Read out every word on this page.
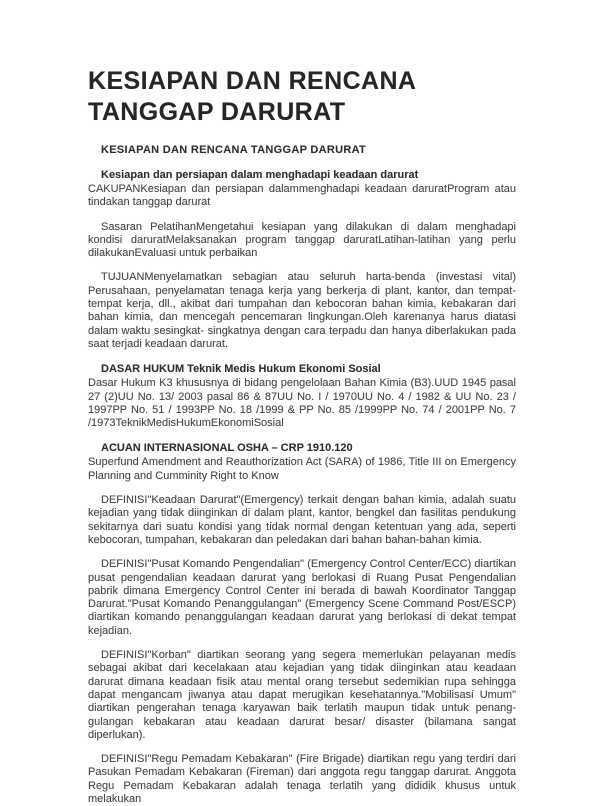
KESIAPAN DAN RENCANA TANGGAP DARURAT
KESIAPAN DAN RENCANA TANGGAP DARURAT
Kesiapan dan persiapan dalam menghadapi keadaan darurat

CAKUPANKesiapan dan persiapan dalammenghadapi keadaan daruratProgram atau tindakan tanggap darurat

Sasaran PelatihanMengetahui kesiapan yang dilakukan di dalam menghadapi kondisi daruratMelaksanakan program tanggap daruratLatihan-latihan yang perlu dilakukanEvaluasi untuk perbaikan

TUJUANMenyelamatkan sebagian atau seluruh harta-benda (investasi vital) Perusahaan, penyelamatan tenaga kerja yang berkerja di plant, kantor, dan tempat-tempat kerja, dll., akibat dari tumpahan dan kebocoran bahan kimia, kebakaran dari bahan kimia, dan mencegah pencemaran lingkungan.Oleh karenanya harus diatasi dalam waktu sesingkat- singkatnya dengan cara terpadu dan hanya diberlakukan pada saat terjadi keadaan darurat.

DASAR HUKUM Teknik Medis Hukum Ekonomi Sosial

Dasar Hukum K3 khususnya di bidang pengelolaan Bahan Kimia (B3).UUD 1945 pasal 27 (2)UU No. 13/ 2003 pasal 86 & 87UU No. I / 1970UU No. 4 / 1982 & UU No. 23 / 1997PP No. 51 / 1993PP No. 18 /1999 & PP No. 85 /1999PP No. 74 / 2001PP No. 7 /1973TeknikMedisHukumEkonomiSosial

ACUAN INTERNASIONAL OSHA – CRP 1910.120

Superfund Amendment and Reauthorization Act (SARA) of 1986, Title III on Emergency Planning and Cumminity Right to Know

DEFINISI"Keadaan Darurat"(Emergency) terkait dengan bahan kimia, adalah suatu kejadian yang tidak diinginkan di dalam plant, kantor, bengkel dan fasilitas pendukung sekitarnya dari suatu kondisi yang tidak normal dengan ketentuan yang ada, seperti kebocoran, tumpahan, kebakaran dan peledakan dari bahan bahan-bahan kimia.

DEFINISI"Pusat Komando Pengendalian" (Emergency Control Center/ECC) diartikan pusat pengendalian keadaan darurat yang berlokasi di Ruang Pusat Pengendalian pabrik dimana Emergency Control Center ini berada di bawah Koordinator Tanggap Darurat."Pusat Komando Penanggulangan" (Emergency Scene Command Post/ESCP) diartikan komando penanggulangan keadaan darurat yang berlokasi di dekat tempat kejadian.

DEFINISI"Korban" diartikan seorang yang segera memerlukan pelayanan medis sebagai akibat dari kecelakaan atau kejadian yang tidak diinginkan atau keadaan darurat dimana keadaan fisik atau mental orang tersebut sedemikian rupa sehingga dapat mengancam jiwanya atau dapat merugikan kesehatannya."Mobilisasi Umum" diartikan pengerahan tenaga karyawan baik terlatih maupun tidak untuk penang- gulangan kebakaran atau keadaan darurat besar/ disaster (bilamana sangat diperlukan).

DEFINISI"Regu Pemadam Kebakaran" (Fire Brigade) diartikan regu yang terdiri dari Pasukan Pemadam Kebakaran (Fireman) dari anggota regu tanggap darurat. Anggota Regu Pemadam Kebakaran adalah tenaga terlatih yang dididik khusus untuk melakukan
